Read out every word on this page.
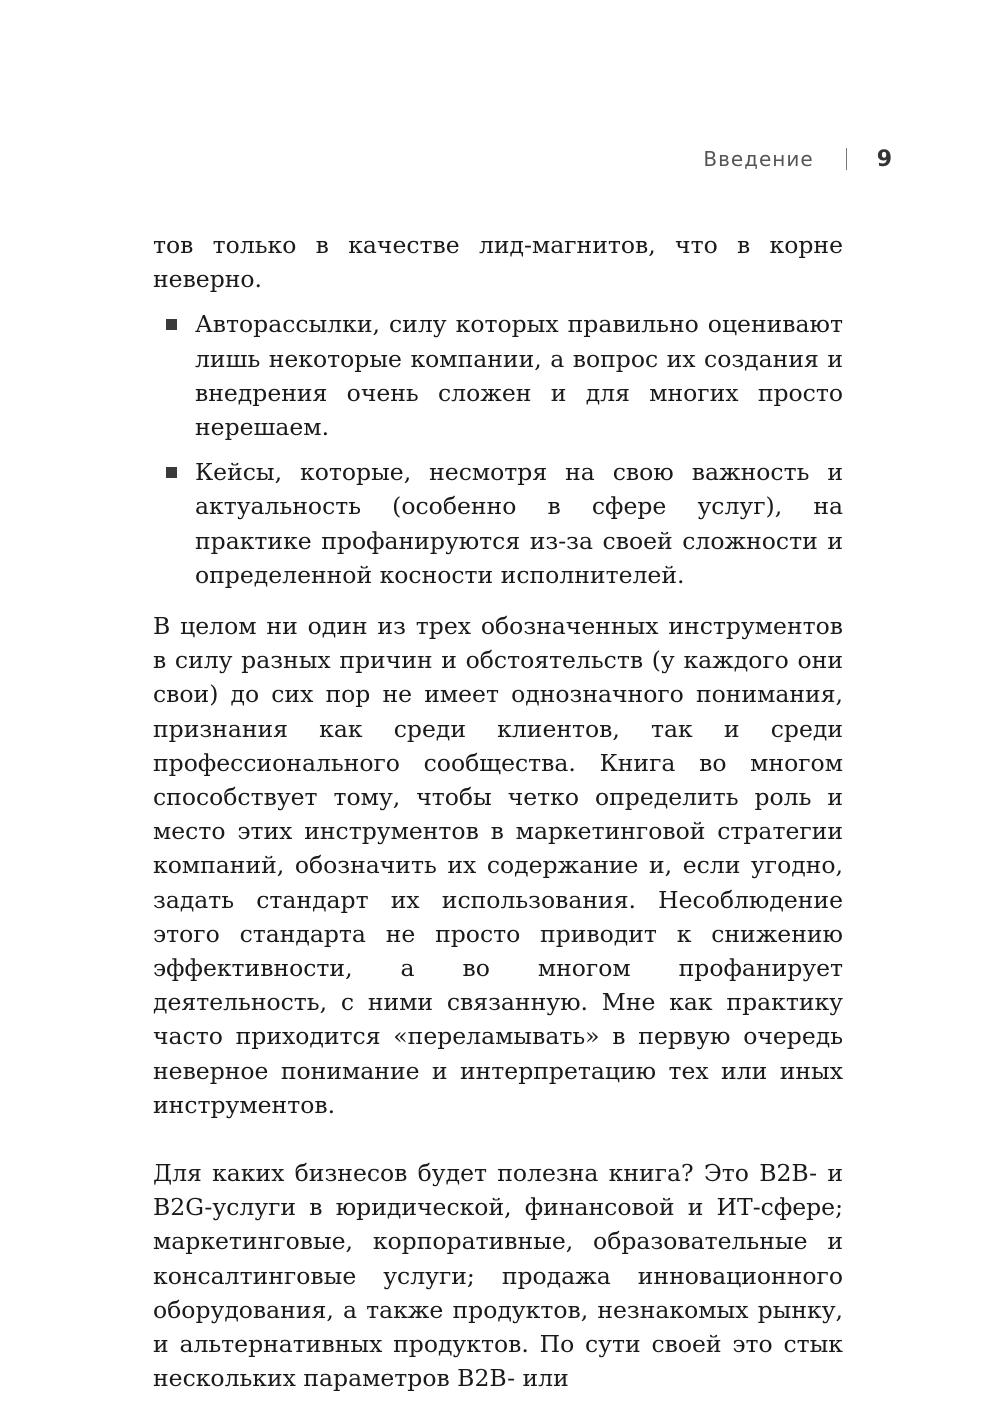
Введение	9

тов только в качестве лид-магнитов, что в корне неверно.

Авторассылки, силу которых правильно оценивают лишь некоторые компании, а вопрос их создания и внедрения очень сложен и для многих просто нерешаем.
Кейсы, которые, несмотря на свою важность и актуальность (особенно в сфере услуг), на практике профанируются из-за своей сложности и определенной косности исполнителей.

В целом ни один из трех обозначенных инструментов в силу разных причин и обстоятельств (у каждого они свои) до сих пор не имеет однозначного понимания, признания как среди клиентов, так и среди профессионального сообщества. Книга во многом способствует тому, чтобы четко определить роль и место этих инструментов в маркетинговой стратегии компаний, обозначить их содержание и, если угодно, задать стандарт их использования. Несоблюдение этого стандарта не просто приводит к снижению эффективности, а во многом профанирует деятельность, с ними связанную. Мне как практику часто приходится «переламывать» в первую очередь неверное понимание и интерпретацию тех или иных инструментов.

Для каких бизнесов будет полезна книга? Это B2B- и B2G-услуги в юридической, финансовой и ИТ-сфере; маркетинговые, корпоративные, образовательные и консалтинговые услуги; продажа инновационного оборудования, а также продуктов, незнакомых рынку, и альтернативных продуктов. По сути своей это стык нескольких параметров B2B- или
